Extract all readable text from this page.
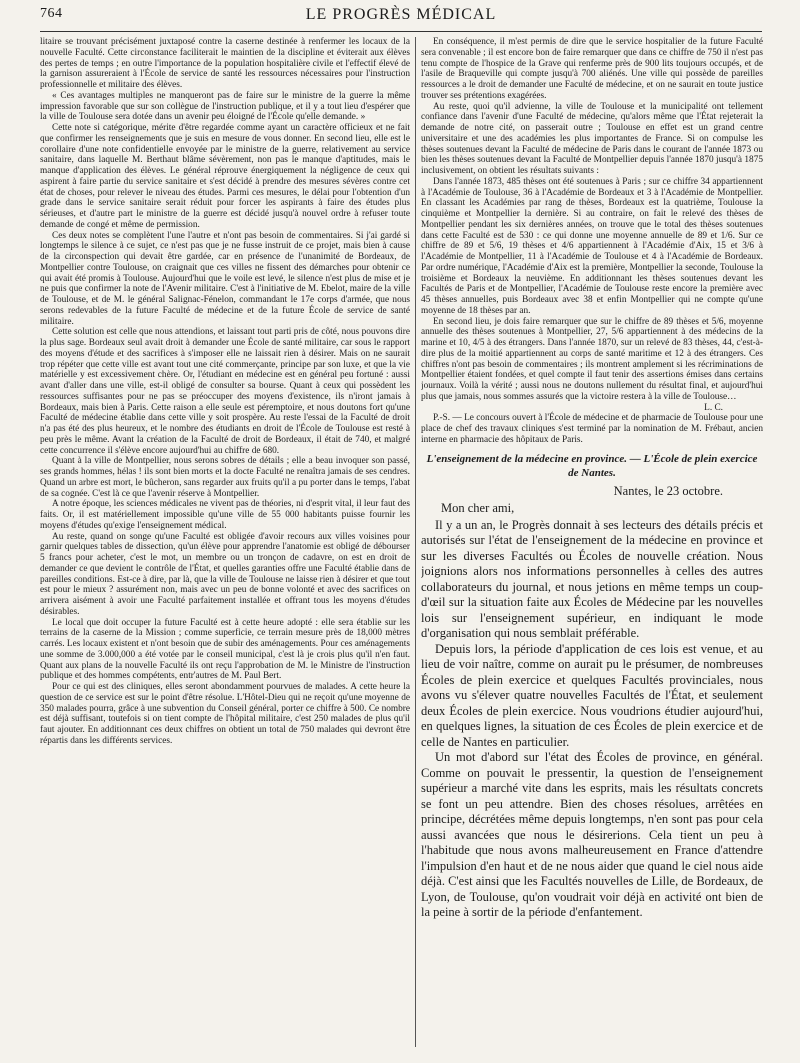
764	LE PROGRÈS MÉDICAL

litaire se trouvant précisément juxtaposé contre la caserne destinée à renfermer les locaux de la nouvelle Faculté. Cette circonstance faciliterait le maintien de la discipline et éviterait aux élèves des pertes de temps ; en outre l'importance de la population hospitalière civile et l'effectif élevé de la garnison assureraient à l'École de service de santé les ressources nécessaires pour l'instruction professionnelle et militaire des élèves.

« Ces avantages multiples ne manqueront pas de faire sur le ministre de la guerre la même impression favorable que sur son collègue de l'instruction publique, et il y a tout lieu d'espérer que la ville de Toulouse sera dotée dans un avenir peu éloigné de l'École qu'elle demande. »

Cette note si catégorique, mérite d'être regardée comme ayant un caractère officieux et ne fait que confirmer les renseignements que je suis en mesure de vous donner. En second lieu, elle est le corollaire d'une note confidentielle envoyée par le ministre de la guerre, relativement au service sanitaire, dans laquelle M. Berthaut blâme sévèrement, non pas le manque d'aptitudes, mais le manque d'application des élèves. Le général réprouve énergiquement la négligence de ceux qui aspirent à faire partie du service sanitaire et s'est décidé à prendre des mesures sévères contre cet état de choses, pour relever le niveau des études. Parmi ces mesures, le délai pour l'obtention d'un grade dans le service sanitaire serait réduit pour forcer les aspirants à faire des études plus sérieuses, et d'autre part le ministre de la guerre est décidé jusqu'à nouvel ordre à refuser toute demande de congé et même de permission.

Ces deux notes se complètent l'une l'autre et n'ont pas besoin de commentaires. Si j'ai gardé si longtemps le silence à ce sujet, ce n'est pas que je ne fusse instruit de ce projet, mais bien à cause de la circonspection qui devait être gardée, car en présence de l'unanimité de Bordeaux, de Montpellier contre Toulouse, on craignait que ces villes ne fissent des démarches pour obtenir ce qui avait été promis à Toulouse. Aujourd'hui que le voile est levé, le silence n'est plus de mise et je ne puis que confirmer la note de l'Avenir militaire. C'est à l'initiative de M. Ebelot, maire de la ville de Toulouse, et de M. le général Salignac-Fénelon, commandant le 17e corps d'armée, que nous serons redevables de la future Faculté de médecine et de la future École de service de santé militaire.

Cette solution est celle que nous attendions, et laissant tout parti pris de côté, nous pouvons dire la plus sage. Bordeaux seul avait droit à demander une École de santé militaire, car sous le rapport des moyens d'étude et des sacrifices à s'imposer elle ne laissait rien à désirer. Mais on ne saurait trop répéter que cette ville est avant tout une cité commerçante, principe par son luxe, et que la vie matérielle y est excessivement chère. Or, l'étudiant en médecine est en général peu fortuné : aussi avant d'aller dans une ville, est-il obligé de consulter sa bourse. Quant à ceux qui possèdent les ressources suffisantes pour ne pas se préoccuper des moyens d'existence, ils n'iront jamais à Bordeaux, mais bien à Paris. Cette raison a elle seule est péremptoire, et nous doutons fort qu'une Faculté de médecine établie dans cette ville y soit prospère. Au reste l'essai de la Faculté de droit n'a pas été des plus heureux, et le nombre des étudiants en droit de l'École de Toulouse est resté à peu près le même. Avant la création de la Faculté de droit de Bordeaux, il était de 740, et malgré cette concurrence il s'élève encore aujourd'hui au chiffre de 680.

Quant à la ville de Montpellier, nous serons sobres de détails ; elle a beau invoquer son passé, ses grands hommes, hélas ! ils sont bien morts et la docte Faculté ne renaîtra jamais de ses cendres. Quand un arbre est mort, le bûcheron, sans regarder aux fruits qu'il a pu porter dans le temps, l'abat de sa cognée. C'est là ce que l'avenir réserve à Montpellier.

A notre époque, les sciences médicales ne vivent pas de théories, ni d'esprit vital, il leur faut des faits. Or, il est matériellement impossible qu'une ville de 55 000 habitants puisse fournir les moyens d'études qu'exige l'enseignement médical.

Au reste, quand on songe qu'une Faculté est obligée d'avoir recours aux villes voisines pour garnir quelques tables de dissection, qu'un élève pour apprendre l'anatomie est obligé de débourser 5 francs pour acheter, c'est le mot, un membre ou un tronçon de cadavre, on est en droit de demander ce que devient le contrôle de l'État, et quelles garanties offre une Faculté établie dans de pareilles conditions. Est-ce à dire, par là, que la ville de Toulouse ne laisse rien à désirer et que tout est pour le mieux ? assurément non, mais avec un peu de bonne volonté et avec des sacrifices on arrivera aisément à avoir une Faculté parfaitement installée et offrant tous les moyens d'études désirables.

Le local que doit occuper la future Faculté est à cette heure adopté : elle sera établie sur les terrains de la caserne de la Mission ; comme superficie, ce terrain mesure près de 18,000 mètres carrés. Les locaux existent et n'ont besoin que de subir des aménagements. Pour ces aménagements une somme de 3.000,000 a été votée par le conseil municipal, c'est là je crois plus qu'il n'en faut. Quant aux plans de la nouvelle Faculté ils ont reçu l'approbation de M. le Ministre de l'instruction publique et des hommes compétents, entr'autres de M. Paul Bert.

Pour ce qui est des cliniques, elles seront abondamment pourvues de malades. A cette heure la question de ce service est sur le point d'être résolue. L'Hôtel-Dieu qui ne reçoit qu'une moyenne de 350 malades pourra, grâce à une subvention du Conseil général, porter ce chiffre à 500. Ce nombre est déjà suffisant, toutefois si on tient compte de l'hôpital militaire, c'est 250 malades de plus qu'il faut ajouter. En additionnant ces deux chiffres on obtient un total de 750 malades qui devront être répartis dans les différents services.

En conséquence, il m'est permis de dire que le service hospitalier de la future Faculté sera convenable ; il est encore bon de faire remarquer que dans ce chiffre de 750 il n'est pas tenu compte de l'hospice de la Grave qui renferme près de 900 lits toujours occupés, et de l'asile de Braqueville qui compte jusqu'à 700 aliénés. Une ville qui possède de pareilles ressources a le droit de demander une Faculté de médecine, et on ne saurait en toute justice trouver ses prétentions exagérées.

Au reste, quoi qu'il advienne, la ville de Toulouse et la municipalité ont tellement confiance dans l'avenir d'une Faculté de médecine, qu'alors même que l'État rejeterait la demande de notre cité, on passerait outre ; Toulouse en effet est un grand centre universitaire et une des académies les plus importantes de France. Si on compulse les thèses soutenues devant la Faculté de médecine de Paris dans le courant de l'année 1873 ou bien les thèses soutenues devant la Faculté de Montpellier depuis l'année 1870 jusqu'à 1875 inclusivement, on obtient les résultats suivants :

Dans l'année 1873, 485 thèses ont été soutenues à Paris ; sur ce chiffre 34 appartiennent à l'Académie de Toulouse, 36 à l'Académie de Bordeaux et 3 à l'Académie de Montpellier. En classant les Académies par rang de thèses, Bordeaux est la quatrième, Toulouse la cinquième et Montpellier la dernière. Si au contraire, on fait le relevé des thèses de Montpellier pendant les six dernières années, on trouve que le total des thèses soutenues dans cette Faculté est de 530 : ce qui donne une moyenne annuelle de 89 et 1/6. Sur ce chiffre de 89 et 5/6, 19 thèses et 4/6 appartiennent à l'Académie d'Aix, 15 et 3/6 à l'Académie de Montpellier, 11 à l'Académie de Toulouse et 4 à l'Académie de Bordeaux. Par ordre numérique, l'Académie d'Aix est la première, Montpellier la seconde, Toulouse la troisième et Bordeaux la neuvième. En additionnant les thèses soutenues devant les Facultés de Paris et de Montpellier, l'Académie de Toulouse reste encore la première avec 45 thèses annuelles, puis Bordeaux avec 38 et enfin Montpellier qui ne compte qu'une moyenne de 18 thèses par an.

En second lieu, je dois faire remarquer que sur le chiffre de 89 thèses et 5/6, moyenne annuelle des thèses soutenues à Montpellier, 27, 5/6 appartiennent à des médecins de la marine et 10, 4/5 à des étrangers. Dans l'année 1870, sur un relevé de 83 thèses, 44, c'est-à-dire plus de la moitié appartiennent au corps de santé maritime et 12 à des étrangers. Ces chiffres n'ont pas besoin de commentaires ; ils montrent amplement si les récriminations de Montpellier étaient fondées, et quel compte il faut tenir des assertions émises dans certains journaux. Voilà la vérité ; aussi nous ne doutons nullement du résultat final, et aujourd'hui plus que jamais, nous sommes assurés que la victoire restera à la ville de Toulouse…

L. C.

P.-S. — Le concours ouvert à l'École de médecine et de pharmacie de Toulouse pour une place de chef des travaux cliniques s'est terminé par la nomination de M. Frébaut, ancien interne en pharmacie des hôpitaux de Paris.

L'enseignement de la médecine en province. — L'École de plein exercice de Nantes.
Nantes, le 23 octobre.
Mon cher ami,

Il y a un an, le Progrès donnait à ses lecteurs des détails précis et autorisés sur l'état de l'enseignement de la médecine en province et sur les diverses Facultés ou Écoles de nouvelle création. Nous joignions alors nos informations personnelles à celles des autres collaborateurs du journal, et nous jetions en même temps un coup-d'œil sur la situation faite aux Écoles de Médecine par les nouvelles lois sur l'enseignement supérieur, en indiquant le mode d'organisation qui nous semblait préférable.

Depuis lors, la période d'application de ces lois est venue, et au lieu de voir naître, comme on aurait pu le présumer, de nombreuses Écoles de plein exercice et quelques Facultés provinciales, nous avons vu s'élever quatre nouvelles Facultés de l'État, et seulement deux Écoles de plein exercice. Nous voudrions étudier aujourd'hui, en quelques lignes, la situation de ces Écoles de plein exercice et de celle de Nantes en particulier.

Un mot d'abord sur l'état des Écoles de province, en général. Comme on pouvait le pressentir, la question de l'enseignement supérieur a marché vite dans les esprits, mais les résultats concrets se font un peu attendre. Bien des choses résolues, arrêtées en principe, décrétées même depuis longtemps, n'en sont pas pour cela aussi avancées que nous le désirerions. Cela tient un peu à l'habitude que nous avons malheureusement en France d'attendre l'impulsion d'en haut et de ne nous aider que quand le ciel nous aide déjà. C'est ainsi que les Facultés nouvelles de Lille, de Bordeaux, de Lyon, de Toulouse, qu'on voudrait voir déjà en activité ont bien de la peine à sortir de la période d'enfantement.
